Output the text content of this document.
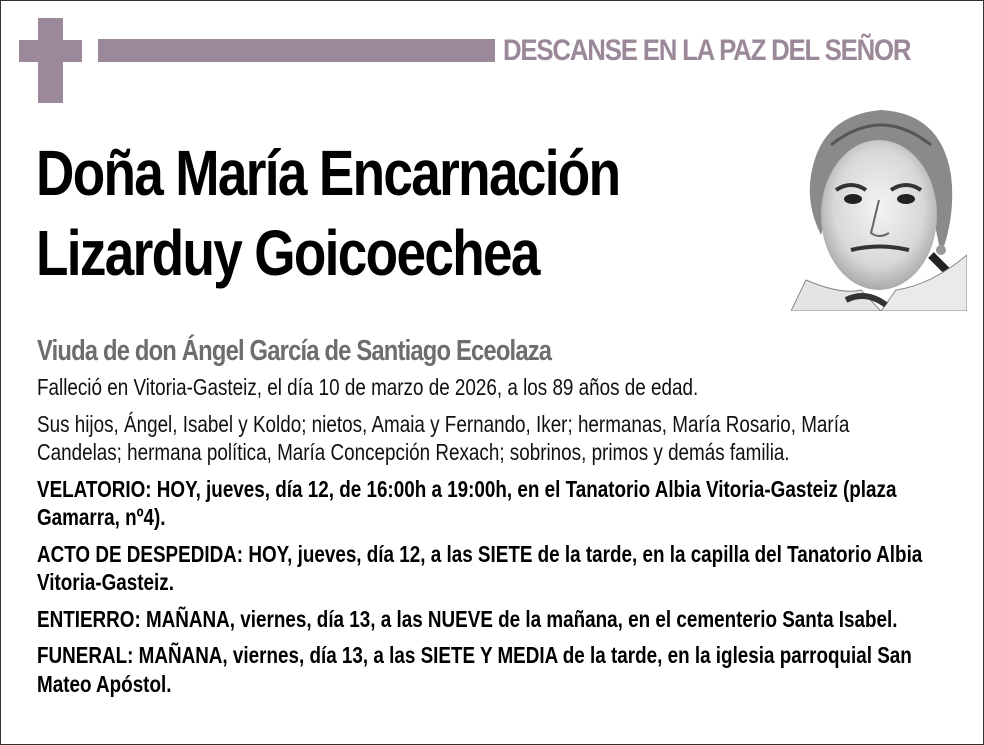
DESCANSE EN LA PAZ DEL SEÑOR
Doña María Encarnación
Lizarduy Goicoechea
Viuda de don Ángel García de Santiago Eceolaza

Falleció en Vitoria-Gasteiz, el día 10 de marzo de 2026, a los 89 años de edad.

Sus hijos, Ángel, Isabel y Koldo; nietos, Amaia y Fernando, Iker; hermanas, María Rosario, María Candelas; hermana política, María Concepción Rexach; sobrinos, primos y demás familia.

VELATORIO: HOY, jueves, día 12, de 16:00h a 19:00h, en el Tanatorio Albia Vitoria-Gasteiz (plaza Gamarra, nº4).

ACTO DE DESPEDIDA: HOY, jueves, día 12, a las SIETE de la tarde, en la capilla del Tanatorio Albia Vitoria-Gasteiz.

ENTIERRO: MAÑANA, viernes, día 13, a las NUEVE de la mañana, en el cementerio Santa Isabel.

FUNERAL: MAÑANA, viernes, día 13, a las SIETE Y MEDIA de la tarde, en la iglesia parroquial San Mateo Apóstol.
